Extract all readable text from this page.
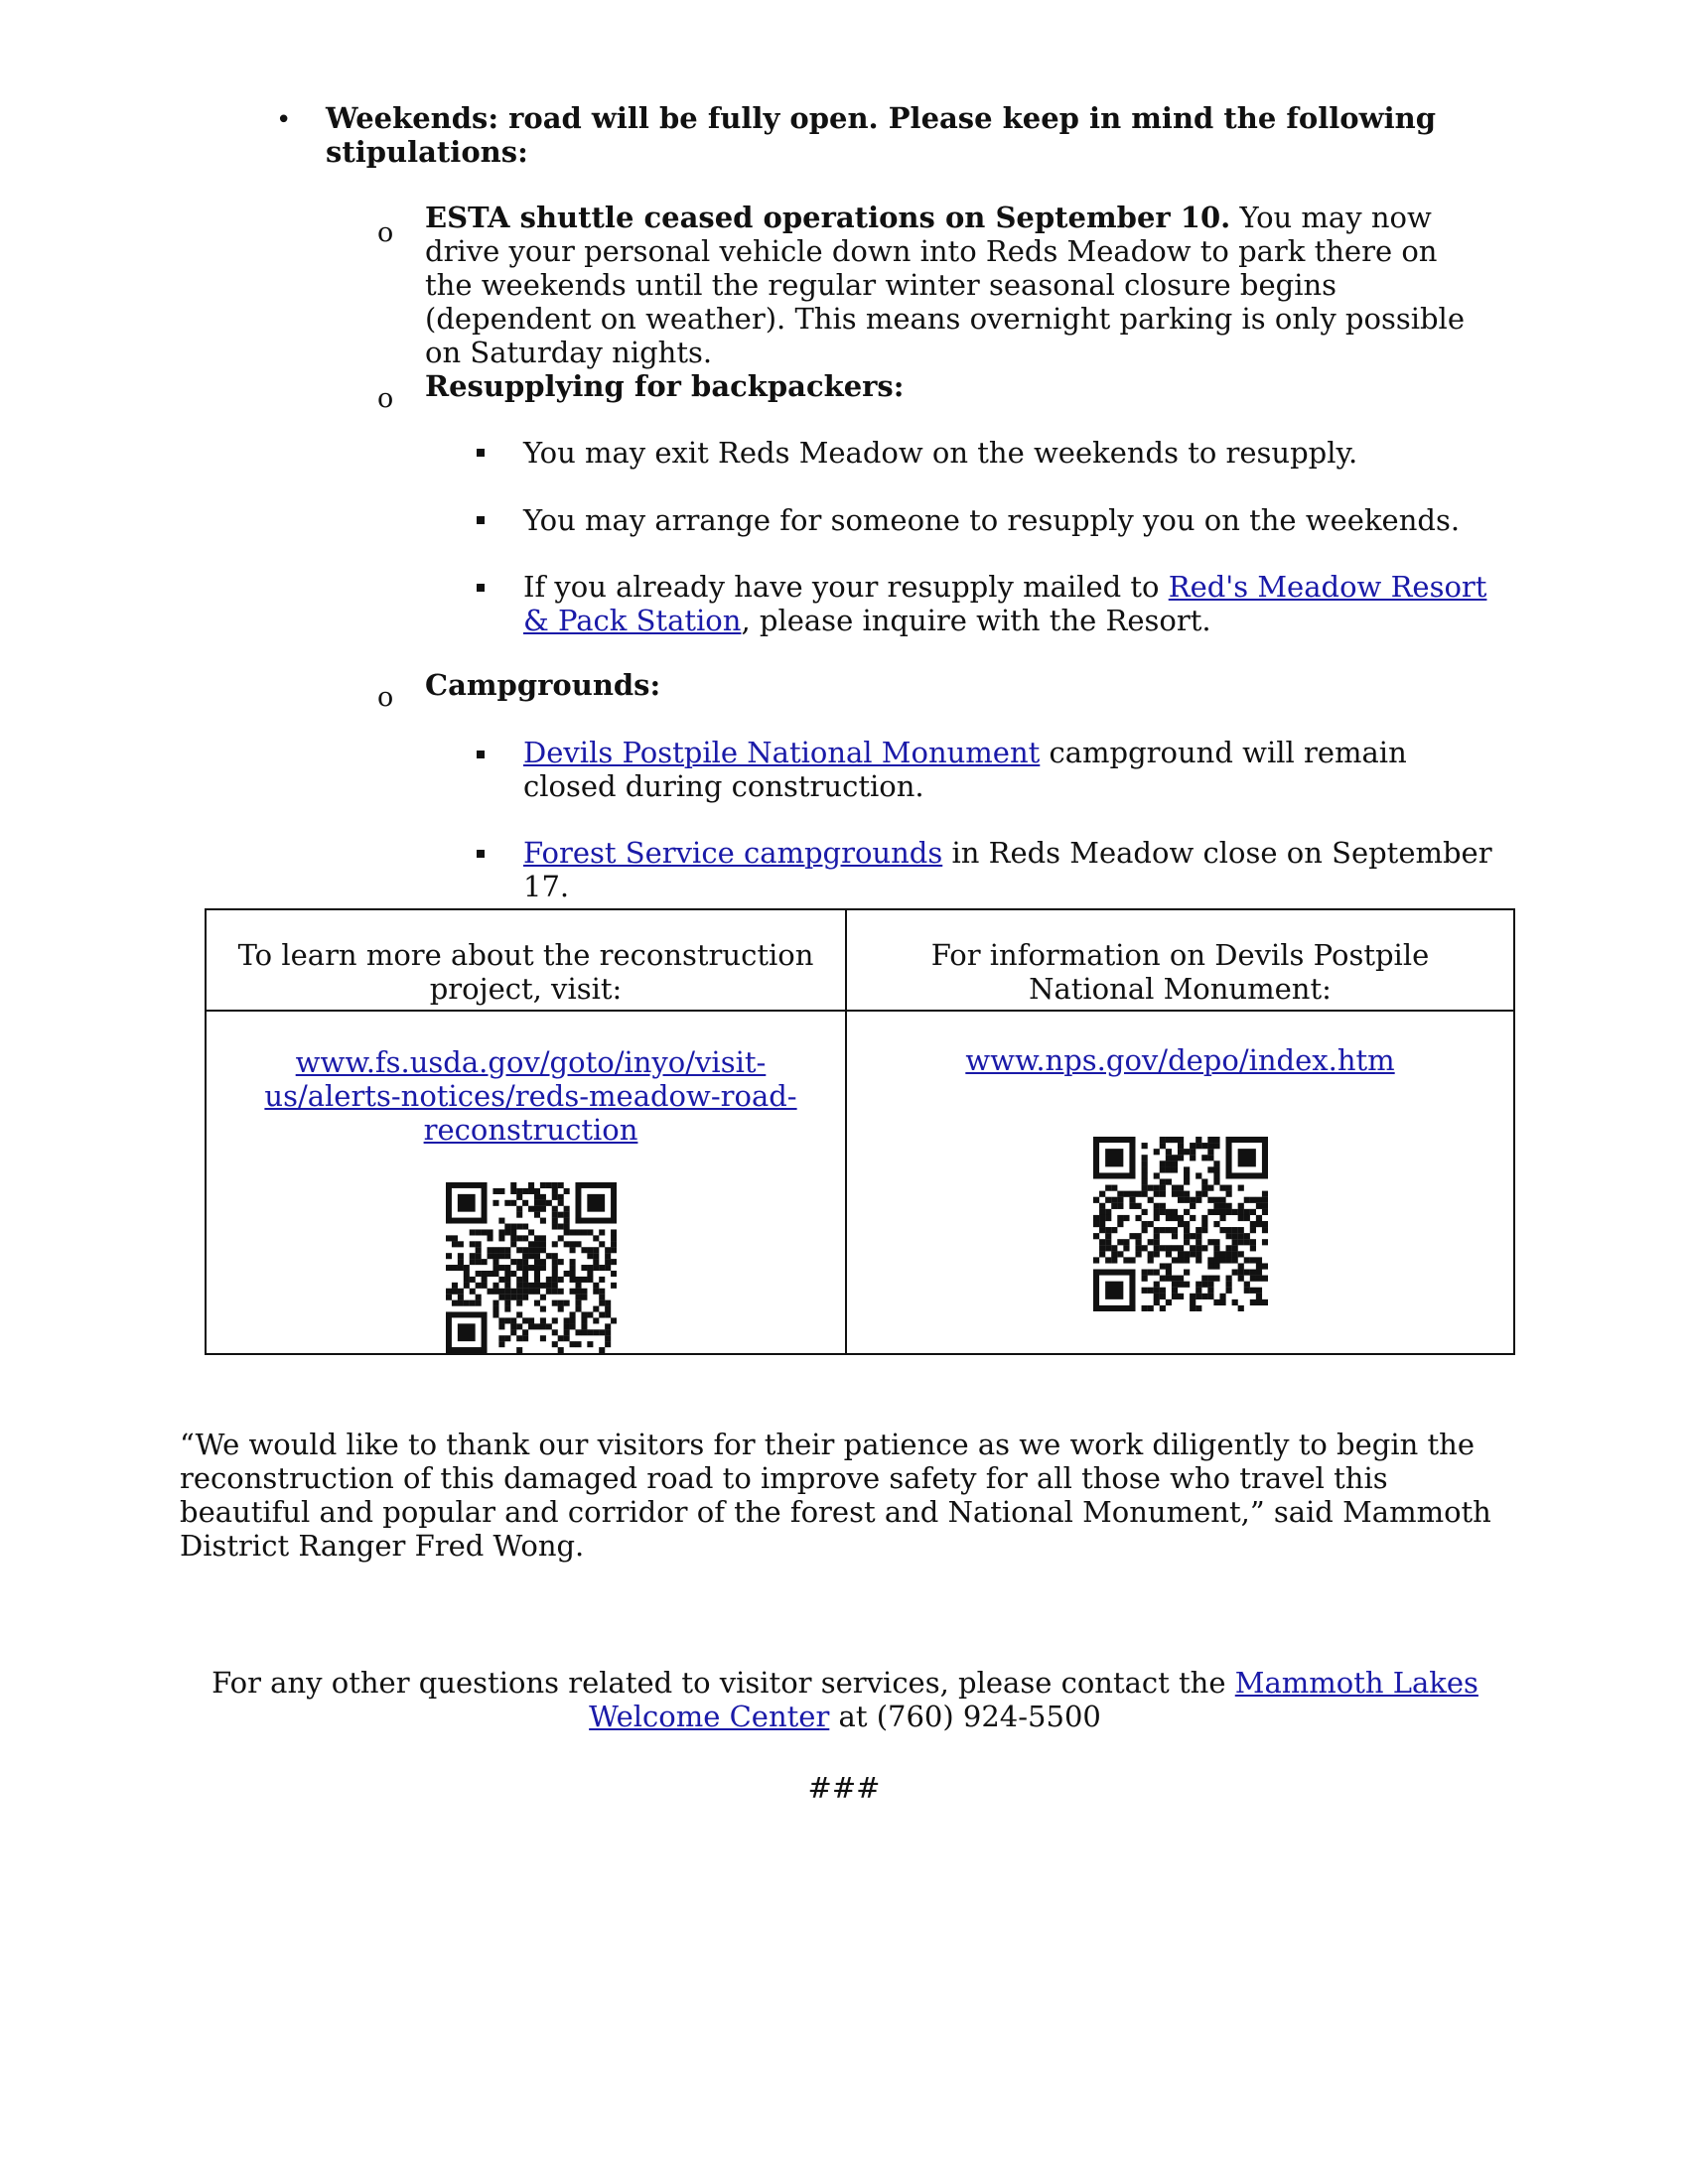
• Weekends: road will be fully open. Please keep in mind the following stipulations:
o ESTA shuttle ceased operations on September 10. You may now drive your personal vehicle down into Reds Meadow to park there on the weekends until the regular winter seasonal closure begins (dependent on weather). This means overnight parking is only possible on Saturday nights.
o Resupplying for backpackers:
You may exit Reds Meadow on the weekends to resupply.
You may arrange for someone to resupply you on the weekends.
If you already have your resupply mailed to Red's Meadow Resort & Pack Station, please inquire with the Resort.
o Campgrounds:
Devils Postpile National Monument campground will remain closed during construction.
Forest Service campgrounds in Reds Meadow close on September 17.
To learn more about the reconstruction project, visit:	For information on Devils Postpile National Monument:
www.fs.usda.gov/goto/inyo/visit-us/alerts-notices/reds-meadow-road-reconstruction	www.nps.gov/depo/index.htm
“We would like to thank our visitors for their patience as we work diligently to begin the reconstruction of this damaged road to improve safety for all those who travel this beautiful and popular and corridor of the forest and National Monument,” said Mammoth District Ranger Fred Wong.
For any other questions related to visitor services, please contact the Mammoth Lakes Welcome Center at (760) 924-5500
###
